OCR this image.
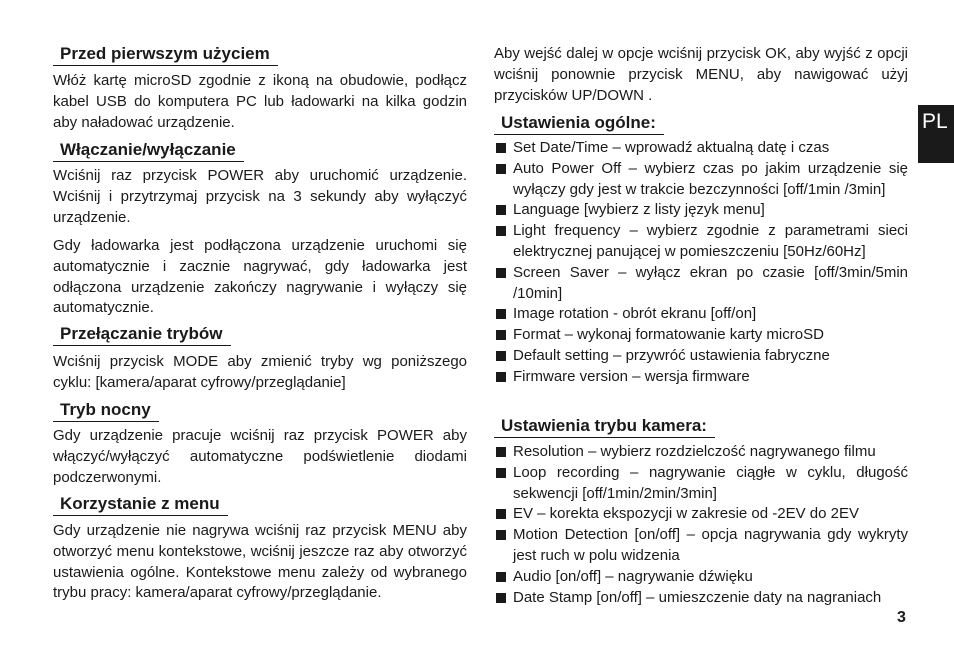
Przed pierwszym użyciem

Włóż kartę microSD zgodnie z ikoną na obudowie, podłącz kabel USB do komputera PC lub ładowarki na kilka godzin aby naładować urządzenie.

Włączanie/wyłączanie

Wciśnij raz przycisk POWER aby uruchomić urządzenie. Wciśnij i przytrzymaj przycisk na 3 sekundy aby wyłączyć urządzenie.

Gdy ładowarka jest podłączona urządzenie uruchomi się automatycznie i zacznie nagrywać, gdy ładowarka jest odłączona urządzenie zakończy nagrywanie i wyłączy się automatycznie.

Przełączanie trybów

Wciśnij przycisk MODE aby zmienić tryby wg poniższego cyklu: [kamera/aparat cyfrowy/przeglądanie]

Tryb nocny

Gdy urządzenie pracuje wciśnij raz przycisk POWER aby włączyć/wyłączyć automatyczne podświetlenie diodami podczerwonymi.

Korzystanie z menu

Gdy urządzenie nie nagrywa wciśnij raz przycisk MENU aby otworzyć menu kontekstowe, wciśnij jeszcze raz aby otworzyć ustawienia ogólne. Kontekstowe menu zależy od wybranego trybu pracy: kamera/aparat cyfrowy/przeglądanie.

Aby wejść dalej w opcje wciśnij przycisk OK, aby wyjść z opcji wciśnij ponownie przycisk MENU, aby nawigować użyj przycisków UP/DOWN .

Ustawienia ogólne:
Set Date/Time – wprowadź aktualną datę i czas
Auto Power Off – wybierz czas po jakim urządzenie się wyłączy gdy jest w trakcie bezczynności [off/1min /3min]
Language [wybierz z listy język menu]
Light frequency – wybierz zgodnie z parametrami sieci elektrycznej panującej w pomieszczeniu [50Hz/60Hz]
Screen Saver – wyłącz ekran po czasie [off/3min/5min /10min]
Image rotation - obrót ekranu [off/on]
Format – wykonaj formatowanie karty microSD
Default setting – przywróć ustawienia fabryczne
Firmware version – wersja firmware
Ustawienia trybu kamera:
Resolution – wybierz rozdzielczość nagrywanego filmu
Loop recording – nagrywanie ciągłe w cyklu, długość sekwencji [off/1min/2min/3min]
EV – korekta ekspozycji w zakresie od -2EV do 2EV
Motion Detection [on/off] – opcja nagrywania gdy wykryty jest ruch w polu widzenia
Audio [on/off] – nagrywanie dźwięku
Date Stamp [on/off] – umieszczenie daty na nagraniach
PL
3
